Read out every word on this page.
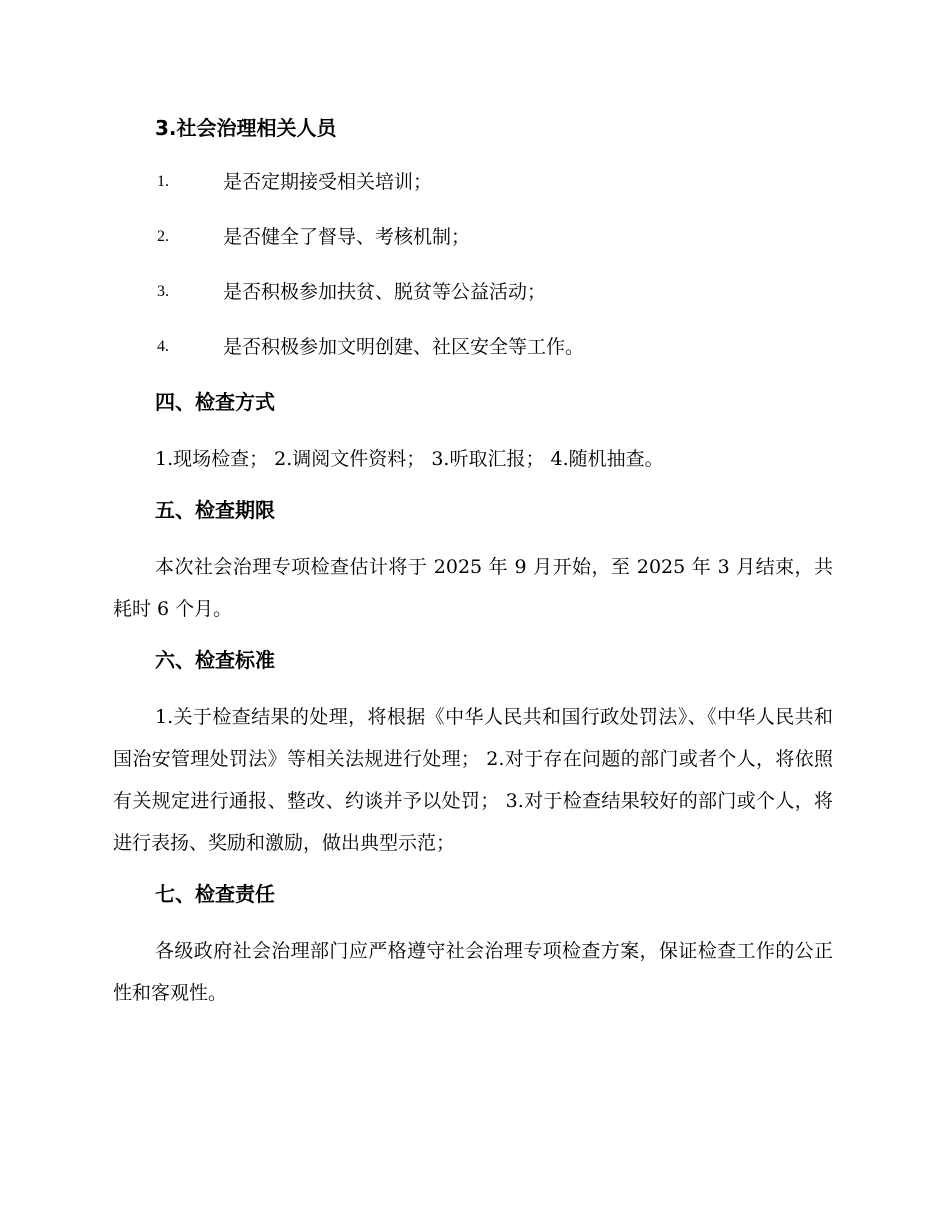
3.社会治理相关人员
1.	是否定期接受相关培训；
2.	是否健全了督导、考核机制；
3.	是否积极参加扶贫、脱贫等公益活动；
4.	是否积极参加文明创建、社区安全等工作。
四、检查方式
1.现场检查； 2.调阅文件资料； 3.听取汇报； 4.随机抽查。
五、检查期限
本次社会治理专项检查估计将于 2025 年 9 月开始，至 2025 年 3 月结束，共耗时 6 个月。
六、检查标准
1.关于检查结果的处理，将根据《中华人民共和国行政处罚法》、《中华人民共和国治安管理处罚法》等相关法规进行处理； 2.对于存在问题的部门或者个人，将依照有关规定进行通报、整改、约谈并予以处罚； 3.对于检查结果较好的部门或个人，将进行表扬、奖励和激励，做出典型示范；
七、检查责任
各级政府社会治理部门应严格遵守社会治理专项检查方案，保证检查工作的公正性和客观性。
